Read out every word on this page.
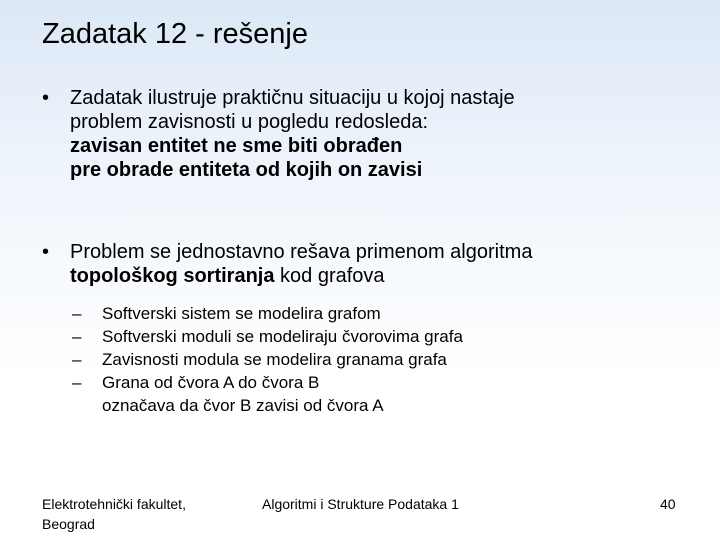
Zadatak 12 - rešenje
•	Zadatak ilustruje praktičnu situaciju u kojoj nastaje
problem zavisnosti u pogledu redosleda:
zavisan entitet ne sme biti obrađen
pre obrade entiteta od kojih on zavisi
•	Problem se jednostavno rešava primenom algoritma
topološkog sortiranja kod grafova
–	Softverski sistem se modelira grafom
–	Softverski moduli se modeliraju čvorovima grafa
–	Zavisnosti modula se modelira granama grafa
–	Grana od čvora A do čvora B
označava da čvor B zavisi od čvora A
Elektrotehnički fakultet,
Beograd
Algoritmi i Strukture Podataka 1	40
